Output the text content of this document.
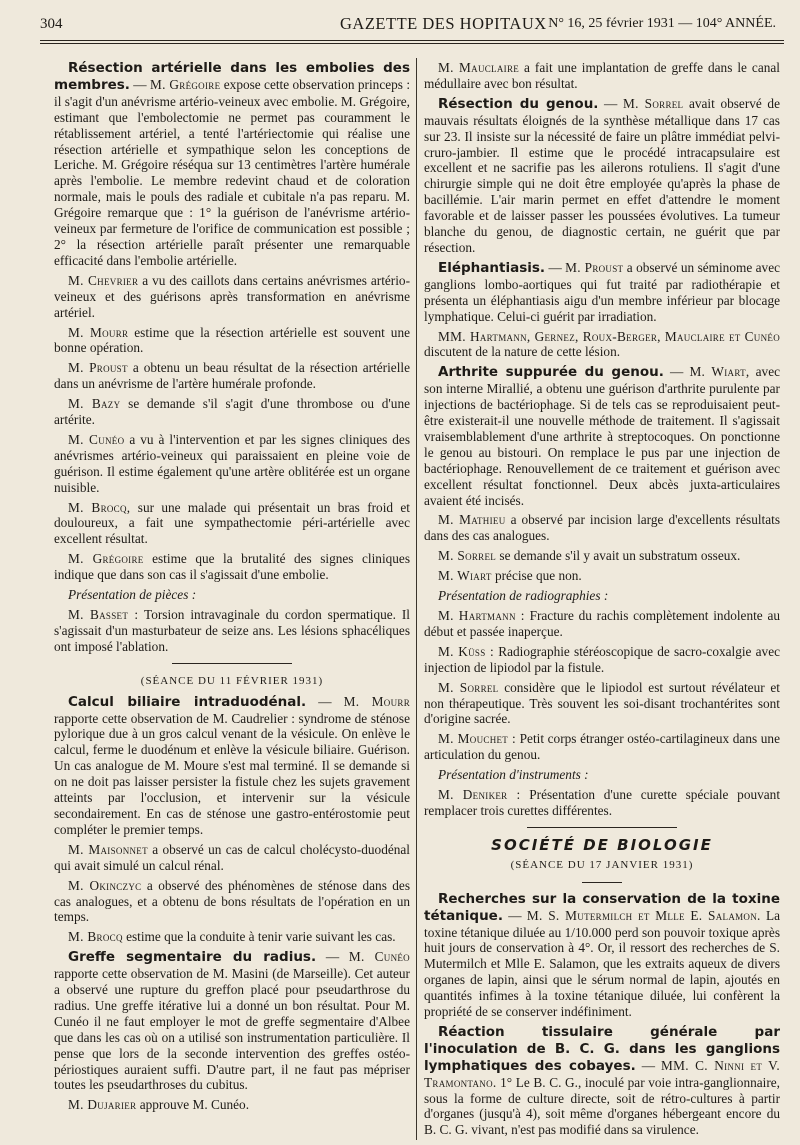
304	GAZETTE DES HOPITAUX N° 16, 25 février 1931 — 104° ANNÉE.

Résection artérielle dans les embolies des membres. — M. Grégoire expose cette observation princeps : il s'agit d'un anévrisme artério-veineux avec embolie. M. Grégoire, estimant que l'embolectomie ne permet pas couramment le rétablissement artériel, a tenté l'artériectomie qui réalise une résection artérielle et sympathique selon les conceptions de Leriche. M. Grégoire réséqua sur 13 centimètres l'artère humérale après l'embolie. Le membre redevint chaud et de coloration normale, mais le pouls des radiale et cubitale n'a pas reparu. M. Grégoire remarque que : 1° la guérison de l'anévrisme artério-veineux par fermeture de l'orifice de communication est possible ; 2° la résection artérielle paraît présenter une remarquable efficacité dans l'embolie artérielle.

M. Chevrier a vu des caillots dans certains anévrismes artério-veineux et des guérisons après transformation en anévrisme artériel.

M. Mourr estime que la résection artérielle est souvent une bonne opération.

M. Proust a obtenu un beau résultat de la résection artérielle dans un anévrisme de l'artère humérale profonde.

M. Bazy se demande s'il s'agit d'une thrombose ou d'une artérite.

M. Cunéo a vu à l'intervention et par les signes cliniques des anévrismes artério-veineux qui paraissaient en pleine voie de guérison. Il estime également qu'une artère oblitérée est un organe nuisible.

M. Brocq, sur une malade qui présentait un bras froid et douloureux, a fait une sympathectomie péri-artérielle avec excellent résultat.

M. Grégoire estime que la brutalité des signes cliniques indique que dans son cas il s'agissait d'une embolie.

Présentation de pièces :

M. Basset : Torsion intravaginale du cordon spermatique. Il s'agissait d'un masturbateur de seize ans. Les lésions sphacéliques ont imposé l'ablation.

(SÉANCE DU 11 FÉVRIER 1931)

Calcul biliaire intraduodénal. — M. Mourr rapporte cette observation de M. Caudrelier : syndrome de sténose pylorique due à un gros calcul venant de la vésicule. On enlève le calcul, ferme le duodénum et enlève la vésicule biliaire. Guérison. Un cas analogue de M. Moure s'est mal terminé. Il se demande si on ne doit pas laisser persister la fistule chez les sujets gravement atteints par l'occlusion, et intervenir sur la vésicule secondairement. En cas de sténose une gastro-entérostomie peut compléter le premier temps.

M. Maisonnet a observé un cas de calcul cholécysto-duodénal qui avait simulé un calcul rénal.

M. Okinczyc a observé des phénomènes de sténose dans des cas analogues, et a obtenu de bons résultats de l'opération en un temps.

M. Brocq estime que la conduite à tenir varie suivant les cas.

Greffe segmentaire du radius. — M. Cunéo rapporte cette observation de M. Masini (de Marseille). Cet auteur a observé une rupture du greffon placé pour pseudarthrose du radius. Une greffe itérative lui a donné un bon résultat. Pour M. Cunéo il ne faut employer le mot de greffe segmentaire d'Albee que dans les cas où on a utilisé son instrumentation particulière. Il pense que lors de la seconde intervention des greffes ostéo-périostiques auraient suffi. D'autre part, il ne faut pas mépriser toutes les pseudarthroses du cubitus.

M. Dujarier approuve M. Cunéo.

M. Mauclaire a fait une implantation de greffe dans le canal médullaire avec bon résultat.

Résection du genou. — M. Sorrel avait observé de mauvais résultats éloignés de la synthèse métallique dans 17 cas sur 23. Il insiste sur la nécessité de faire un plâtre immédiat pelvi-cruro-jambier. Il estime que le procédé intracapsulaire est excellent et ne sacrifie pas les ailerons rotuliens. Il s'agit d'une chirurgie simple qui ne doit être employée qu'après la phase de bacillémie. L'air marin permet en effet d'attendre le moment favorable et de laisser passer les poussées évolutives. La tumeur blanche du genou, de diagnostic certain, ne guérit que par résection.

Eléphantiasis. — M. Proust a observé un séminome avec ganglions lombo-aortiques qui fut traité par radiothérapie et présenta un éléphantiasis aigu d'un membre inférieur par blocage lymphatique. Celui-ci guérit par irradiation.

MM. Hartmann, Gernez, Roux-Berger, Mauclaire et Cunéo discutent de la nature de cette lésion.

Arthrite suppurée du genou. — M. Wiart, avec son interne Mirallié, a obtenu une guérison d'arthrite purulente par injections de bactériophage. Si de tels cas se reproduisaient peut-être existerait-il une nouvelle méthode de traitement. Il s'agissait vraisemblablement d'une arthrite à streptocoques. On ponctionne le genou au bistouri. On remplace le pus par une injection de bactériophage. Renouvellement de ce traitement et guérison avec excellent résultat fonctionnel. Deux abcès juxta-articulaires avaient été incisés.

M. Mathieu a observé par incision large d'excellents résultats dans des cas analogues.

M. Sorrel se demande s'il y avait un substratum osseux.

M. Wiart précise que non.

Présentation de radiographies :

M. Hartmann : Fracture du rachis complètement indolente au début et passée inaperçue.

M. Küss : Radiographie stéréoscopique de sacro-coxalgie avec injection de lipiodol par la fistule.

M. Sorrel considère que le lipiodol est surtout révélateur et non thérapeutique. Très souvent les soi-disant trochantérites sont d'origine sacrée.

M. Mouchet : Petit corps étranger ostéo-cartilagineux dans une articulation du genou.

Présentation d'instruments :

M. Deniker : Présentation d'une curette spéciale pouvant remplacer trois curettes différentes.

SOCIÉTÉ DE BIOLOGIE

(SÉANCE DU 17 JANVIER 1931)

Recherches sur la conservation de la toxine tétanique. — M. S. Mutermilch et Mlle E. Salamon. La toxine tétanique diluée au 1/10.000 perd son pouvoir toxique après huit jours de conservation à 4°. Or, il ressort des recherches de S. Mutermilch et Mlle E. Salamon, que les extraits aqueux de divers organes de lapin, ainsi que le sérum normal de lapin, ajoutés en quantités infimes à la toxine tétanique diluée, lui confèrent la propriété de se conserver indéfiniment.

Réaction tissulaire générale par l'inoculation de B. C. G. dans les ganglions lymphatiques des cobayes. — MM. C. Ninni et V. Tramontano. 1° Le B. C. G., inoculé par voie intra-ganglionnaire, sous la forme de culture directe, soit de rétro-cultures à partir d'organes (jusqu'à 4), soit même d'organes hébergeant encore du B. C. G. vivant, n'est pas modifié dans sa virulence.
